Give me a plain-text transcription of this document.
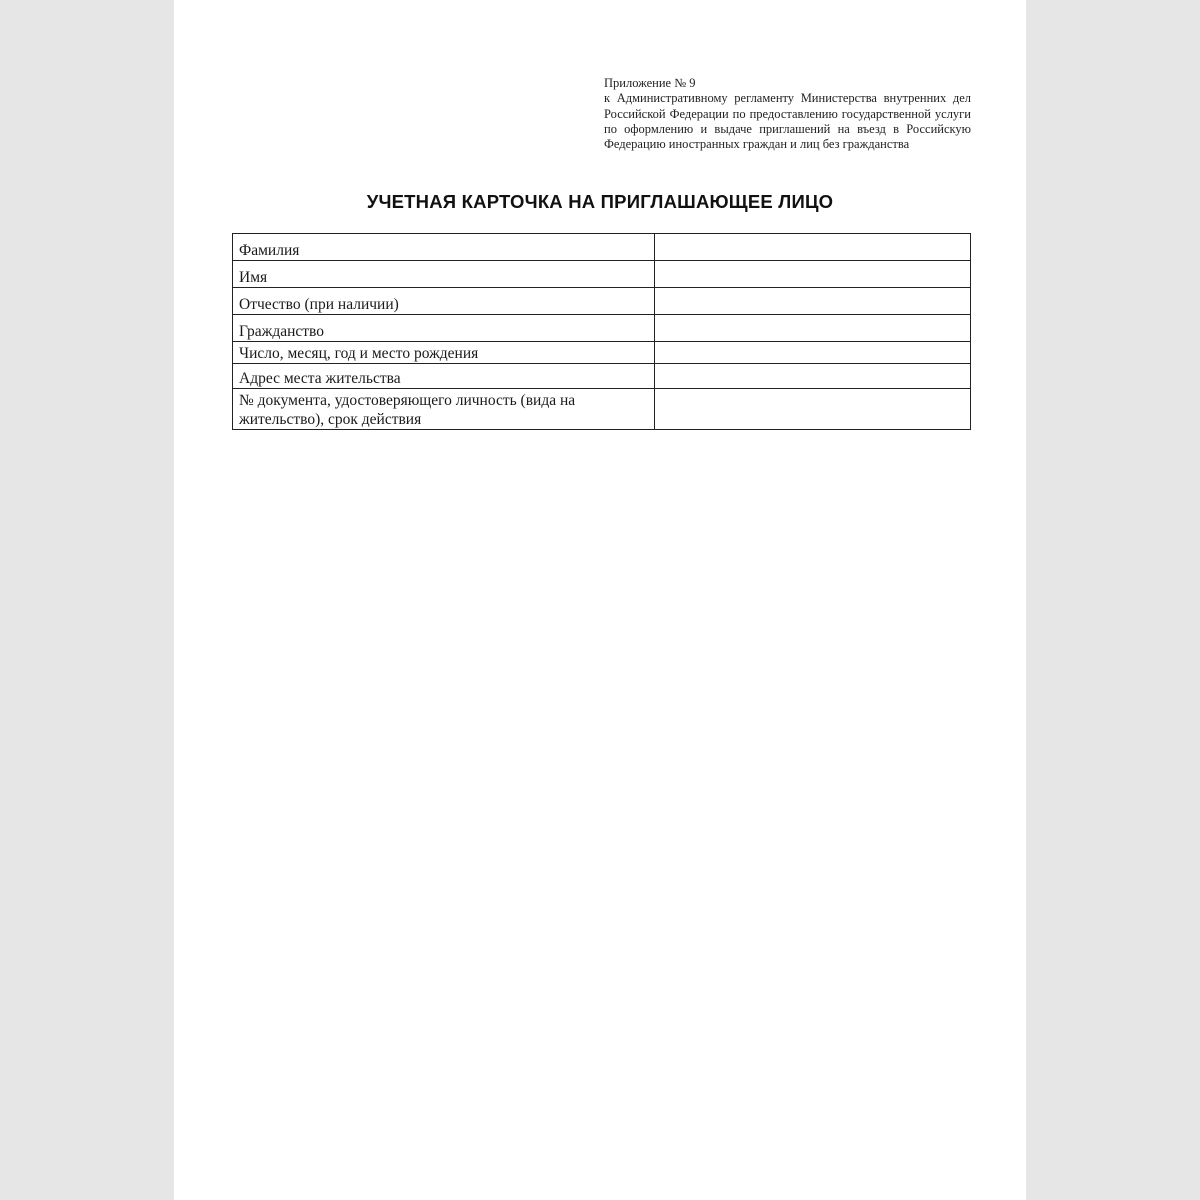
Приложение № 9
к Административному регламенту Министерства внутренних дел Российской Федерации по предоставлению государственной услуги по оформлению и выдаче приглашений на въезд в Российскую Федерацию иностранных граждан и лиц без гражданства
УЧЕТНАЯ КАРТОЧКА НА ПРИГЛАШАЮЩЕЕ ЛИЦО
Фамилия	
Имя	
Отчество (при наличии)	
Гражданство	
Число, месяц, год и место рождения	
Адрес места жительства	
№ документа, удостоверяющего личность (вида на жительство), срок действия	
